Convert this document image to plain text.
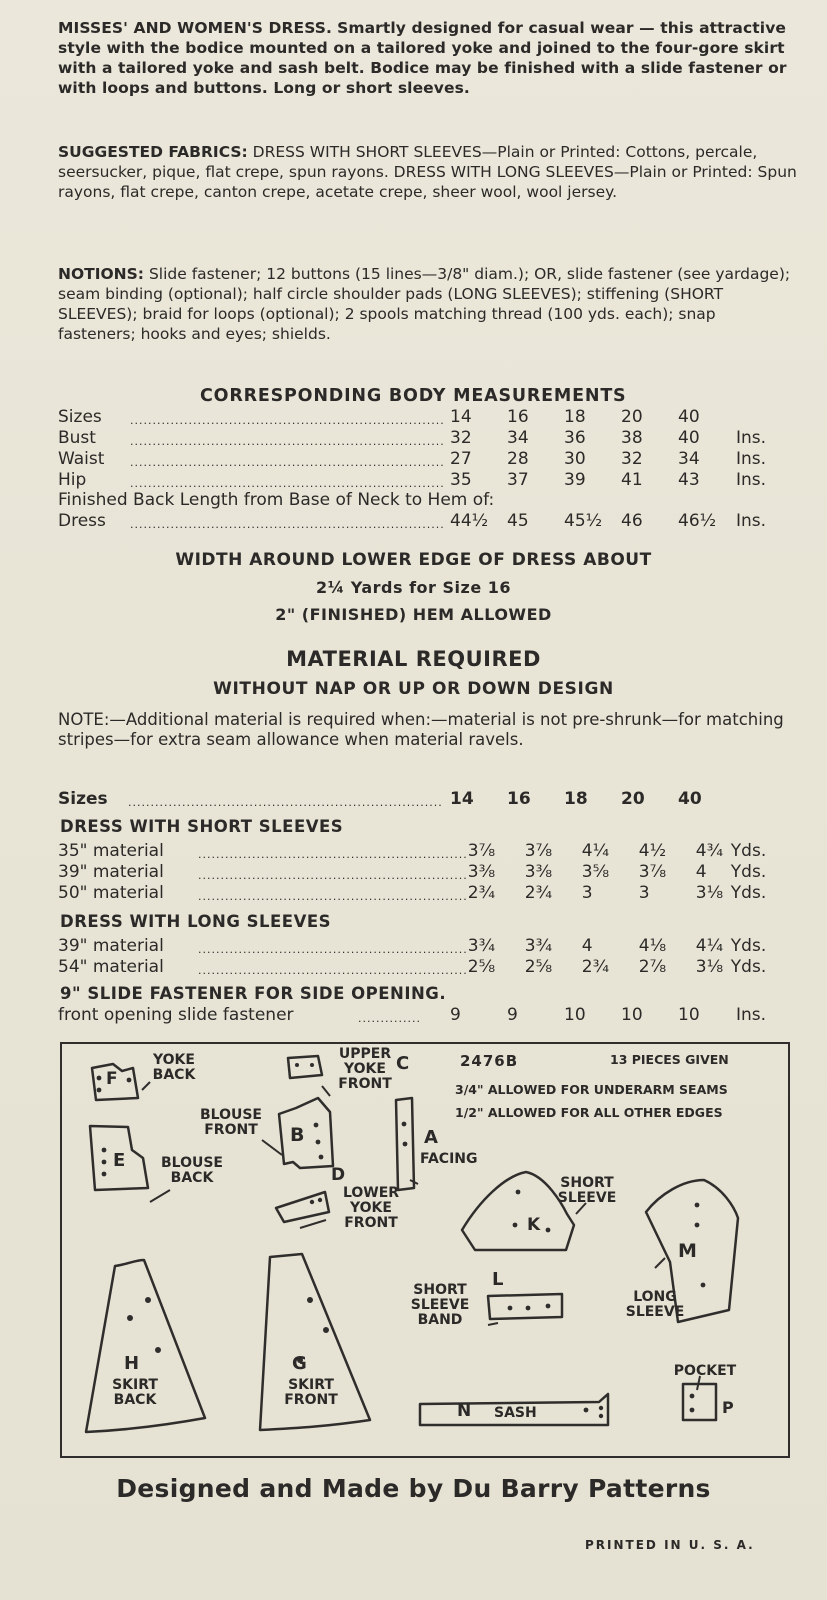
MISSES' AND WOMEN'S DRESS. Smartly designed for casual wear — this attractive style with the bodice mounted on a tailored yoke and joined to the four-gore skirt with a tailored yoke and sash belt. Bodice may be finished with a slide fastener or with loops and buttons. Long or short sleeves.
SUGGESTED FABRICS: DRESS WITH SHORT SLEEVES—Plain or Printed: Cottons, percale, seersucker, pique, flat crepe, spun rayons. DRESS WITH LONG SLEEVES—Plain or Printed: Spun rayons, flat crepe, canton crepe, acetate crepe, sheer wool, wool jersey.
NOTIONS: Slide fastener; 12 buttons (15 lines—3/8" diam.); OR, slide fastener (see yardage); seam binding (optional); half circle shoulder pads (LONG SLEEVES); stiffening (SHORT SLEEVES); braid for loops (optional); 2 spools matching thread (100 yds. each); snap fasteners; hooks and eyes; shields.
CORRESPONDING BODY MEASUREMENTS
Sizes	......................................................................	14	16	18	20	40	
Bust	......................................................................	32	34	36	38	40	Ins.
Waist	......................................................................	27	28	30	32	34	Ins.
Hip	......................................................................	35	37	39	41	43	Ins.
Finished Back Length from Base of Neck to Hem of:
Dress	......................................................................	44½	45	45½	46	46½	Ins.
WIDTH AROUND LOWER EDGE OF DRESS ABOUT
2¼ Yards for Size 16
2" (FINISHED) HEM ALLOWED
MATERIAL REQUIRED
WITHOUT NAP OR UP OR DOWN DESIGN
NOTE:—Additional material is required when:—material is not pre-shrunk—for matching stripes—for extra seam allowance when material ravels.
Sizes	......................................................................	14	16	18	20	40	
DRESS WITH SHORT SLEEVES
35" material	............................................................	3⅞	3⅞	4¼	4½	4¾	Yds.
39" material	............................................................	3⅜	3⅜	3⅝	3⅞	4	Yds.
50" material	............................................................	2¾	2¾	3	3	3⅛	Yds.
DRESS WITH LONG SLEEVES
39" material	............................................................	3¾	3¾	4	4⅛	4¼	Yds.
54" material	............................................................	2⅝	2⅝	2¾	2⅞	3⅛	Yds.
9" SLIDE FASTENER FOR SIDE OPENING.
front opening slide fastener	..............	9	9	10	10	10	Ins.
F
YOKE BACK
UPPER YOKE FRONT
C
BLOUSE FRONT	B	A
FACING
E	BLOUSE BACK	D
LOWER YOKE FRONT	K
SHORT SLEEVE
M
LONG SLEEVE
L
SHORT SLEEVE BAND
H
SKIRT BACK
G
SKIRT FRONT
N SASH
POCKET
P
2476B	13 PIECES GIVEN
3/4" ALLOWED FOR UNDERARM SEAMS
1/2" ALLOWED FOR ALL OTHER EDGES
Designed and Made by Du Barry Patterns
PRINTED IN U. S. A.
